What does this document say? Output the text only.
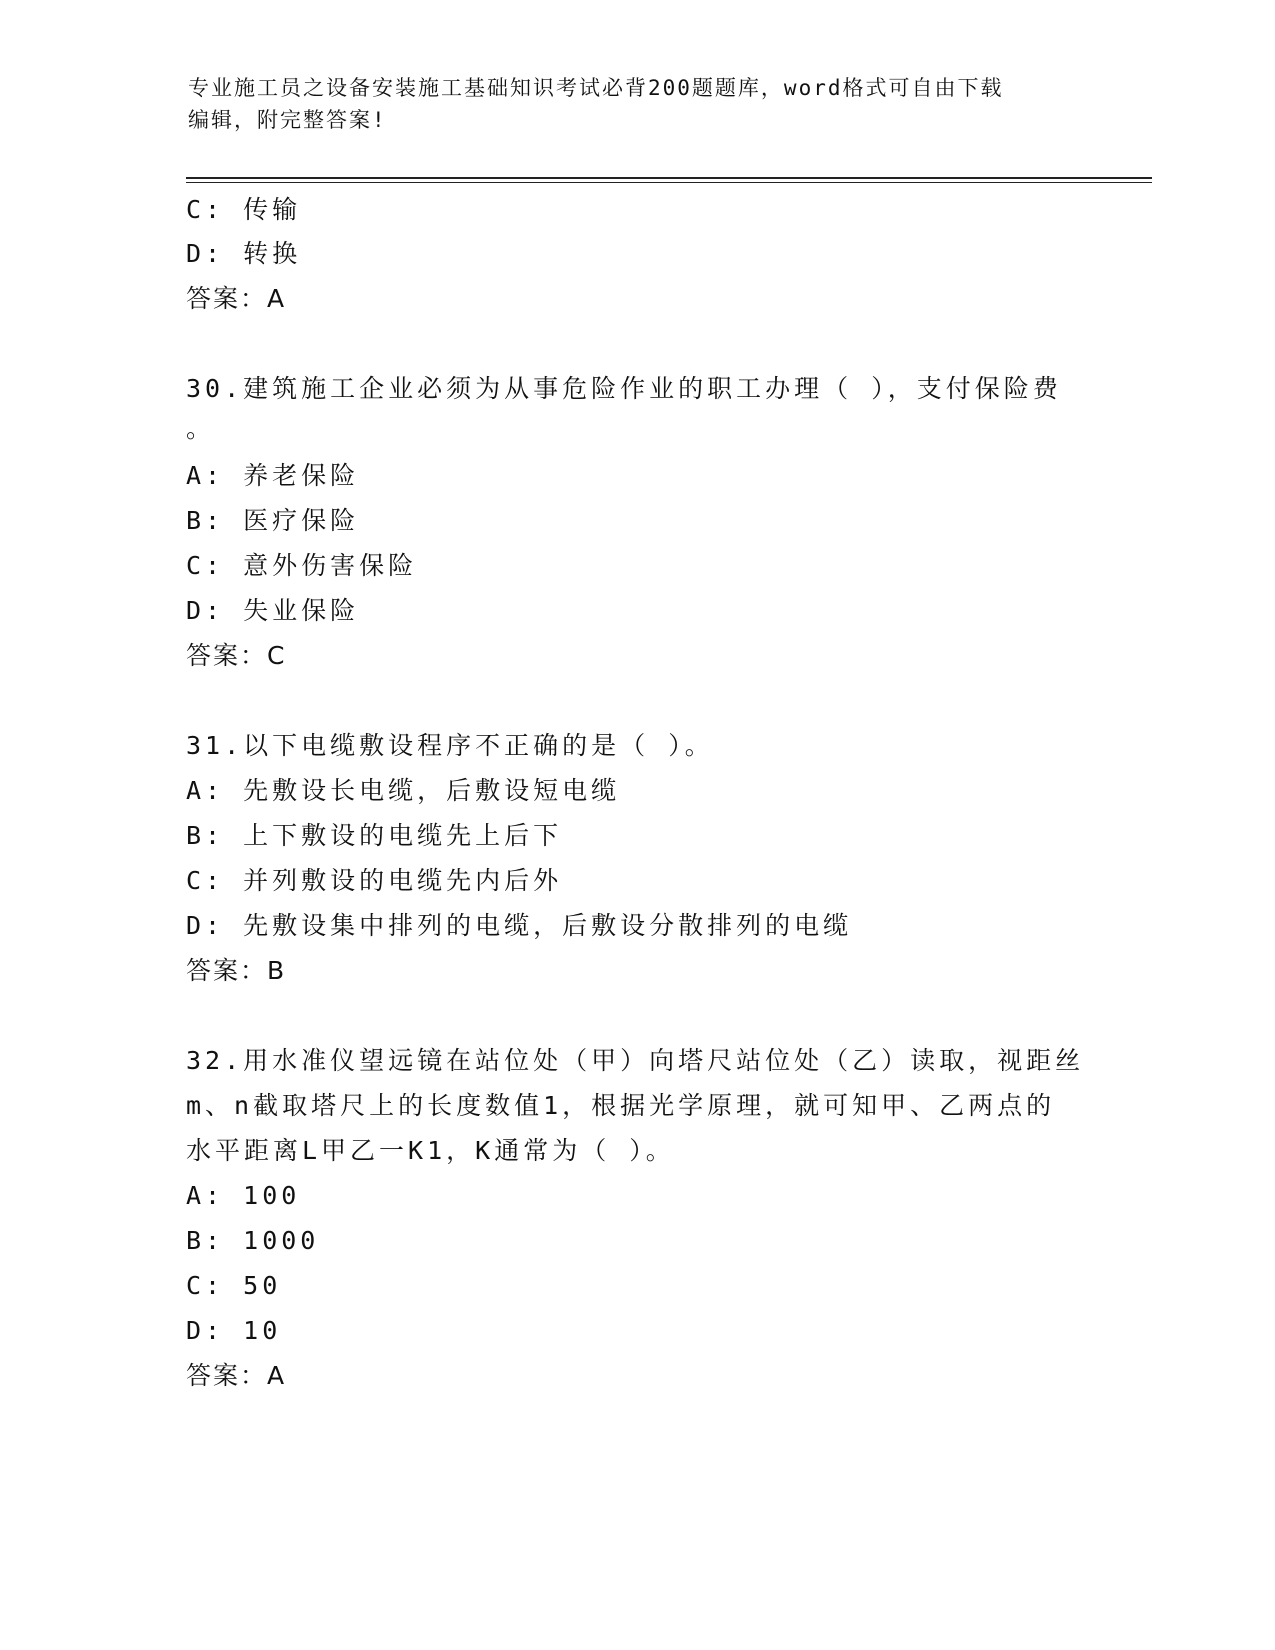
专业施工员之设备安装施工基础知识考试必背200题题库，word格式可自由下载
编辑，附完整答案!
C: 传输
D: 转换
答案：A
30.建筑施工企业必须为从事危险作业的职工办理（ ），支付保险费
。
A: 养老保险
B: 医疗保险
C: 意外伤害保险
D: 失业保险
答案：C
31.以下电缆敷设程序不正确的是（ ）。
A: 先敷设长电缆，后敷设短电缆
B: 上下敷设的电缆先上后下
C: 并列敷设的电缆先内后外
D: 先敷设集中排列的电缆，后敷设分散排列的电缆
答案：B
32.用水准仪望远镜在站位处（甲）向塔尺站位处（乙）读取，视距丝
m、n截取塔尺上的长度数值1，根据光学原理，就可知甲、乙两点的
水平距离L甲乙一K1，K通常为（ ）。
A: 100
B: 1000
C: 50
D: 10
答案：A
